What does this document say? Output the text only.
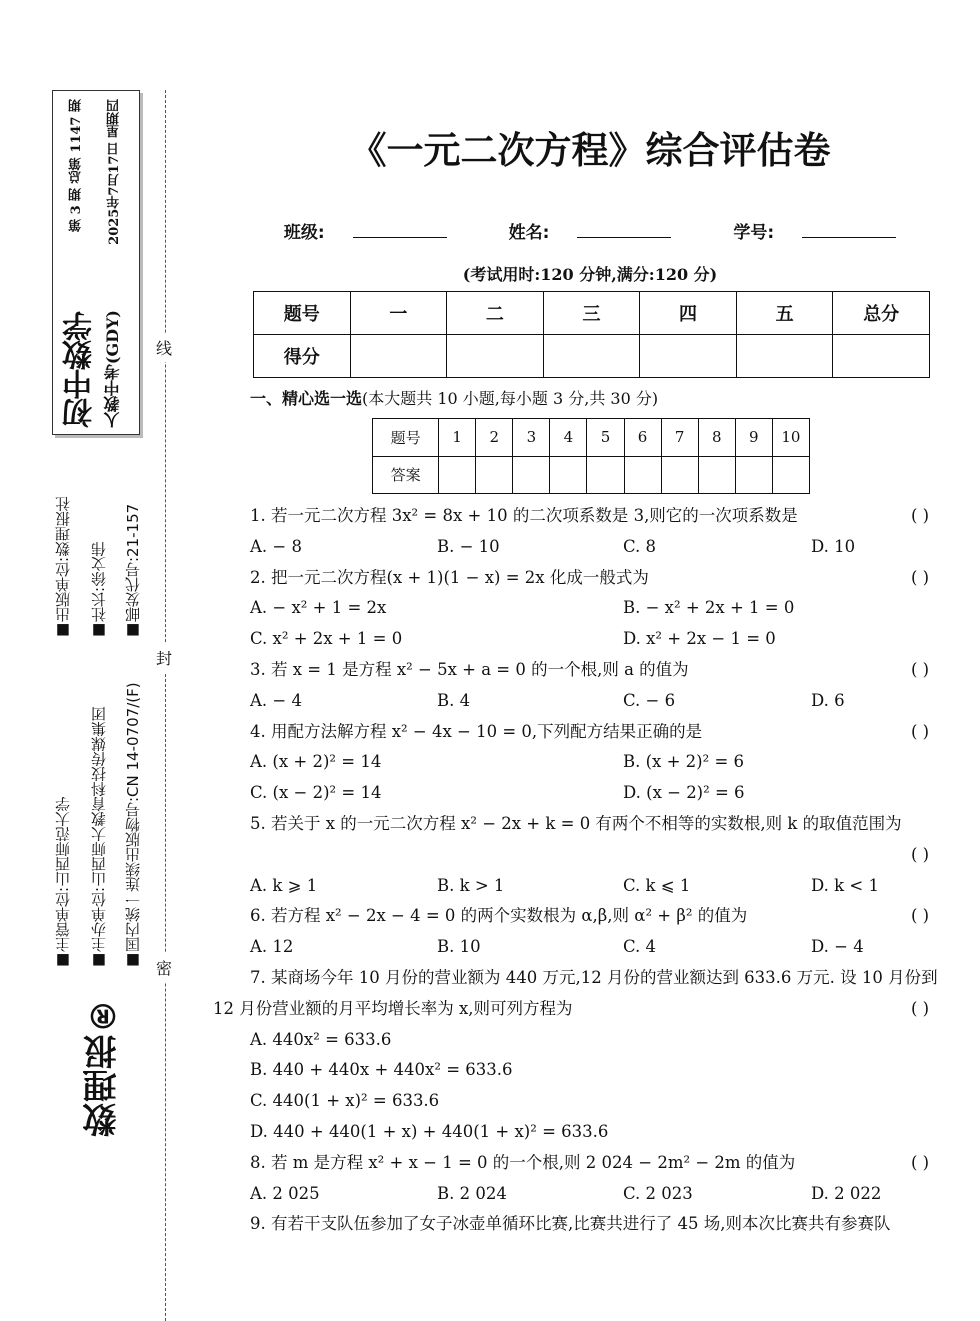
初中数学 人教中考(GDY)
第 3 期 总第 1147 期 2025年7月17日 星期四
■出版单位:数理报社
■主管单位:山西师范大学
■社长:徐文伟
■主办单位:山西师大教育科技传媒集团
■邮发代号:21-157
■国内统一连续出版物号:CN 14-0707/(F)
数理报®
线
封
密
《一元二次方程》综合评估卷
班级:	姓名:	学号:
(考试用时:120 分钟,满分:120 分)
题号	一	二	三	四	五	总分
得分						
一、精心选一选(本大题共 10 小题,每小题 3 分,共 30 分)
题号	1	2	3	4	5	6	7	8	9	10
答案										
1. 若一元二次方程 3x² = 8x + 10 的二次项系数是 3,则它的一次项系数是	( )
A. − 8	B. − 10	C. 8	D. 10
2. 把一元二次方程(x + 1)(1 − x) = 2x 化成一般式为	( )
A. − x² + 1 = 2x	B. − x² + 2x + 1 = 0
C. x² + 2x + 1 = 0	D. x² + 2x − 1 = 0
3. 若 x = 1 是方程 x² − 5x + a = 0 的一个根,则 a 的值为	( )
A. − 4	B. 4	C. − 6	D. 6
4. 用配方法解方程 x² − 4x − 10 = 0,下列配方结果正确的是	( )
A. (x + 2)² = 14	B. (x + 2)² = 6
C. (x − 2)² = 14	D. (x − 2)² = 6
5. 若关于 x 的一元二次方程 x² − 2x + k = 0 有两个不相等的实数根,则 k 的取值范围为
( )
A. k ⩾ 1	B. k > 1	C. k ⩽ 1	D. k < 1
6. 若方程 x² − 2x − 4 = 0 的两个实数根为 α,β,则 α² + β² 的值为	( )
A. 12	B. 10	C. 4	D. − 4
7. 某商场今年 10 月份的营业额为 440 万元,12 月份的营业额达到 633.6 万元. 设 10 月份到
12 月份营业额的月平均增长率为 x,则可列方程为	( )
A. 440x² = 633.6
B. 440 + 440x + 440x² = 633.6
C. 440(1 + x)² = 633.6
D. 440 + 440(1 + x) + 440(1 + x)² = 633.6
8. 若 m 是方程 x² + x − 1 = 0 的一个根,则 2 024 − 2m² − 2m 的值为	( )
A. 2 025	B. 2 024	C. 2 023	D. 2 022
9. 有若干支队伍参加了女子冰壶单循环比赛,比赛共进行了 45 场,则本次比赛共有参赛队
